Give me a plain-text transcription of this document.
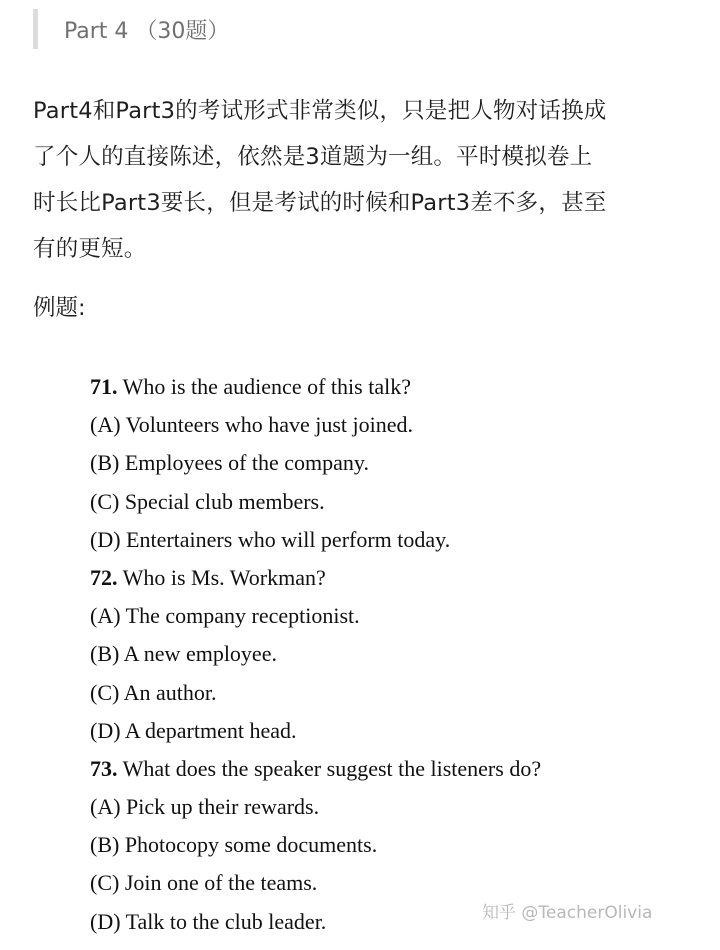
Part 4 （30题）
Part4和Part3的考试形式非常类似，只是把人物对话换成
了个人的直接陈述，依然是3道题为一组。平时模拟卷上
时长比Part3要长，但是考试的时候和Part3差不多，甚至
有的更短。
例题:
71. Who is the audience of this talk?
(A) Volunteers who have just joined.
(B) Employees of the company.
(C) Special club members.
(D) Entertainers who will perform today.
72. Who is Ms. Workman?
(A) The company receptionist.
(B) A new employee.
(C) An author.
(D) A department head.
73. What does the speaker suggest the listeners do?
(A) Pick up their rewards.
(B) Photocopy some documents.
(C) Join one of the teams.
(D) Talk to the club leader.	知乎 @TeacherOlivia
